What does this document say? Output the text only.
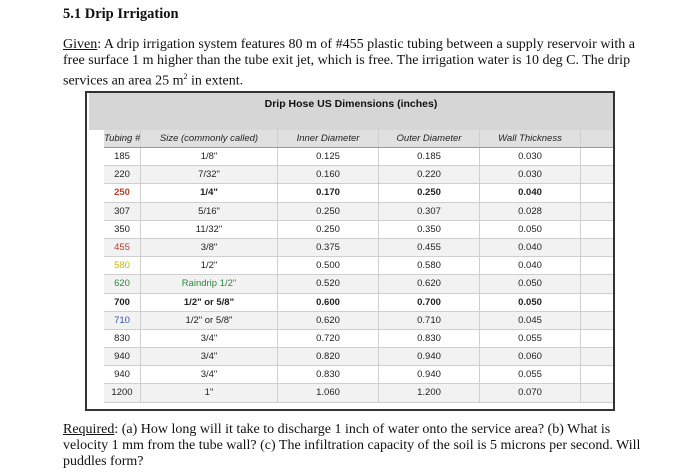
5.1 Drip Irrigation
Given: A drip irrigation system features 80 m of #455 plastic tubing between a supply reservoir with a free surface 1 m higher than the tube exit jet, which is free. The irrigation water is 10 deg C. The drip services an area 25 $m^2$ in extent.
Drip Hose US Dimensions (inches)
Tubing #	Size (commonly called)	Inner Diameter	Outer Diameter	Wall Thickness
185	1/8"	0.125	0.185	0.030
220	7/32"	0.160	0.220	0.030
250	1/4"	0.170	0.250	0.040
307	5/16"	0.250	0.307	0.028
350	11/32"	0.250	0.350	0.050
455	3/8"	0.375	0.455	0.040
580	1/2"	0.500	0.580	0.040
620	Raindrip 1/2"	0.520	0.620	0.050
700	1/2" or 5/8"	0.600	0.700	0.050
710	1/2" or 5/8"	0.620	0.710	0.045
830	3/4"	0.720	0.830	0.055
940	3/4"	0.820	0.940	0.060
940	3/4"	0.830	0.940	0.055
1200	1"	1.060	1.200	0.070
Required: (a) How long will it take to discharge 1 inch of water onto the service area? (b) What is velocity 1 mm from the tube wall? (c) The infiltration capacity of the soil is 5 microns per second. Will puddles form?
